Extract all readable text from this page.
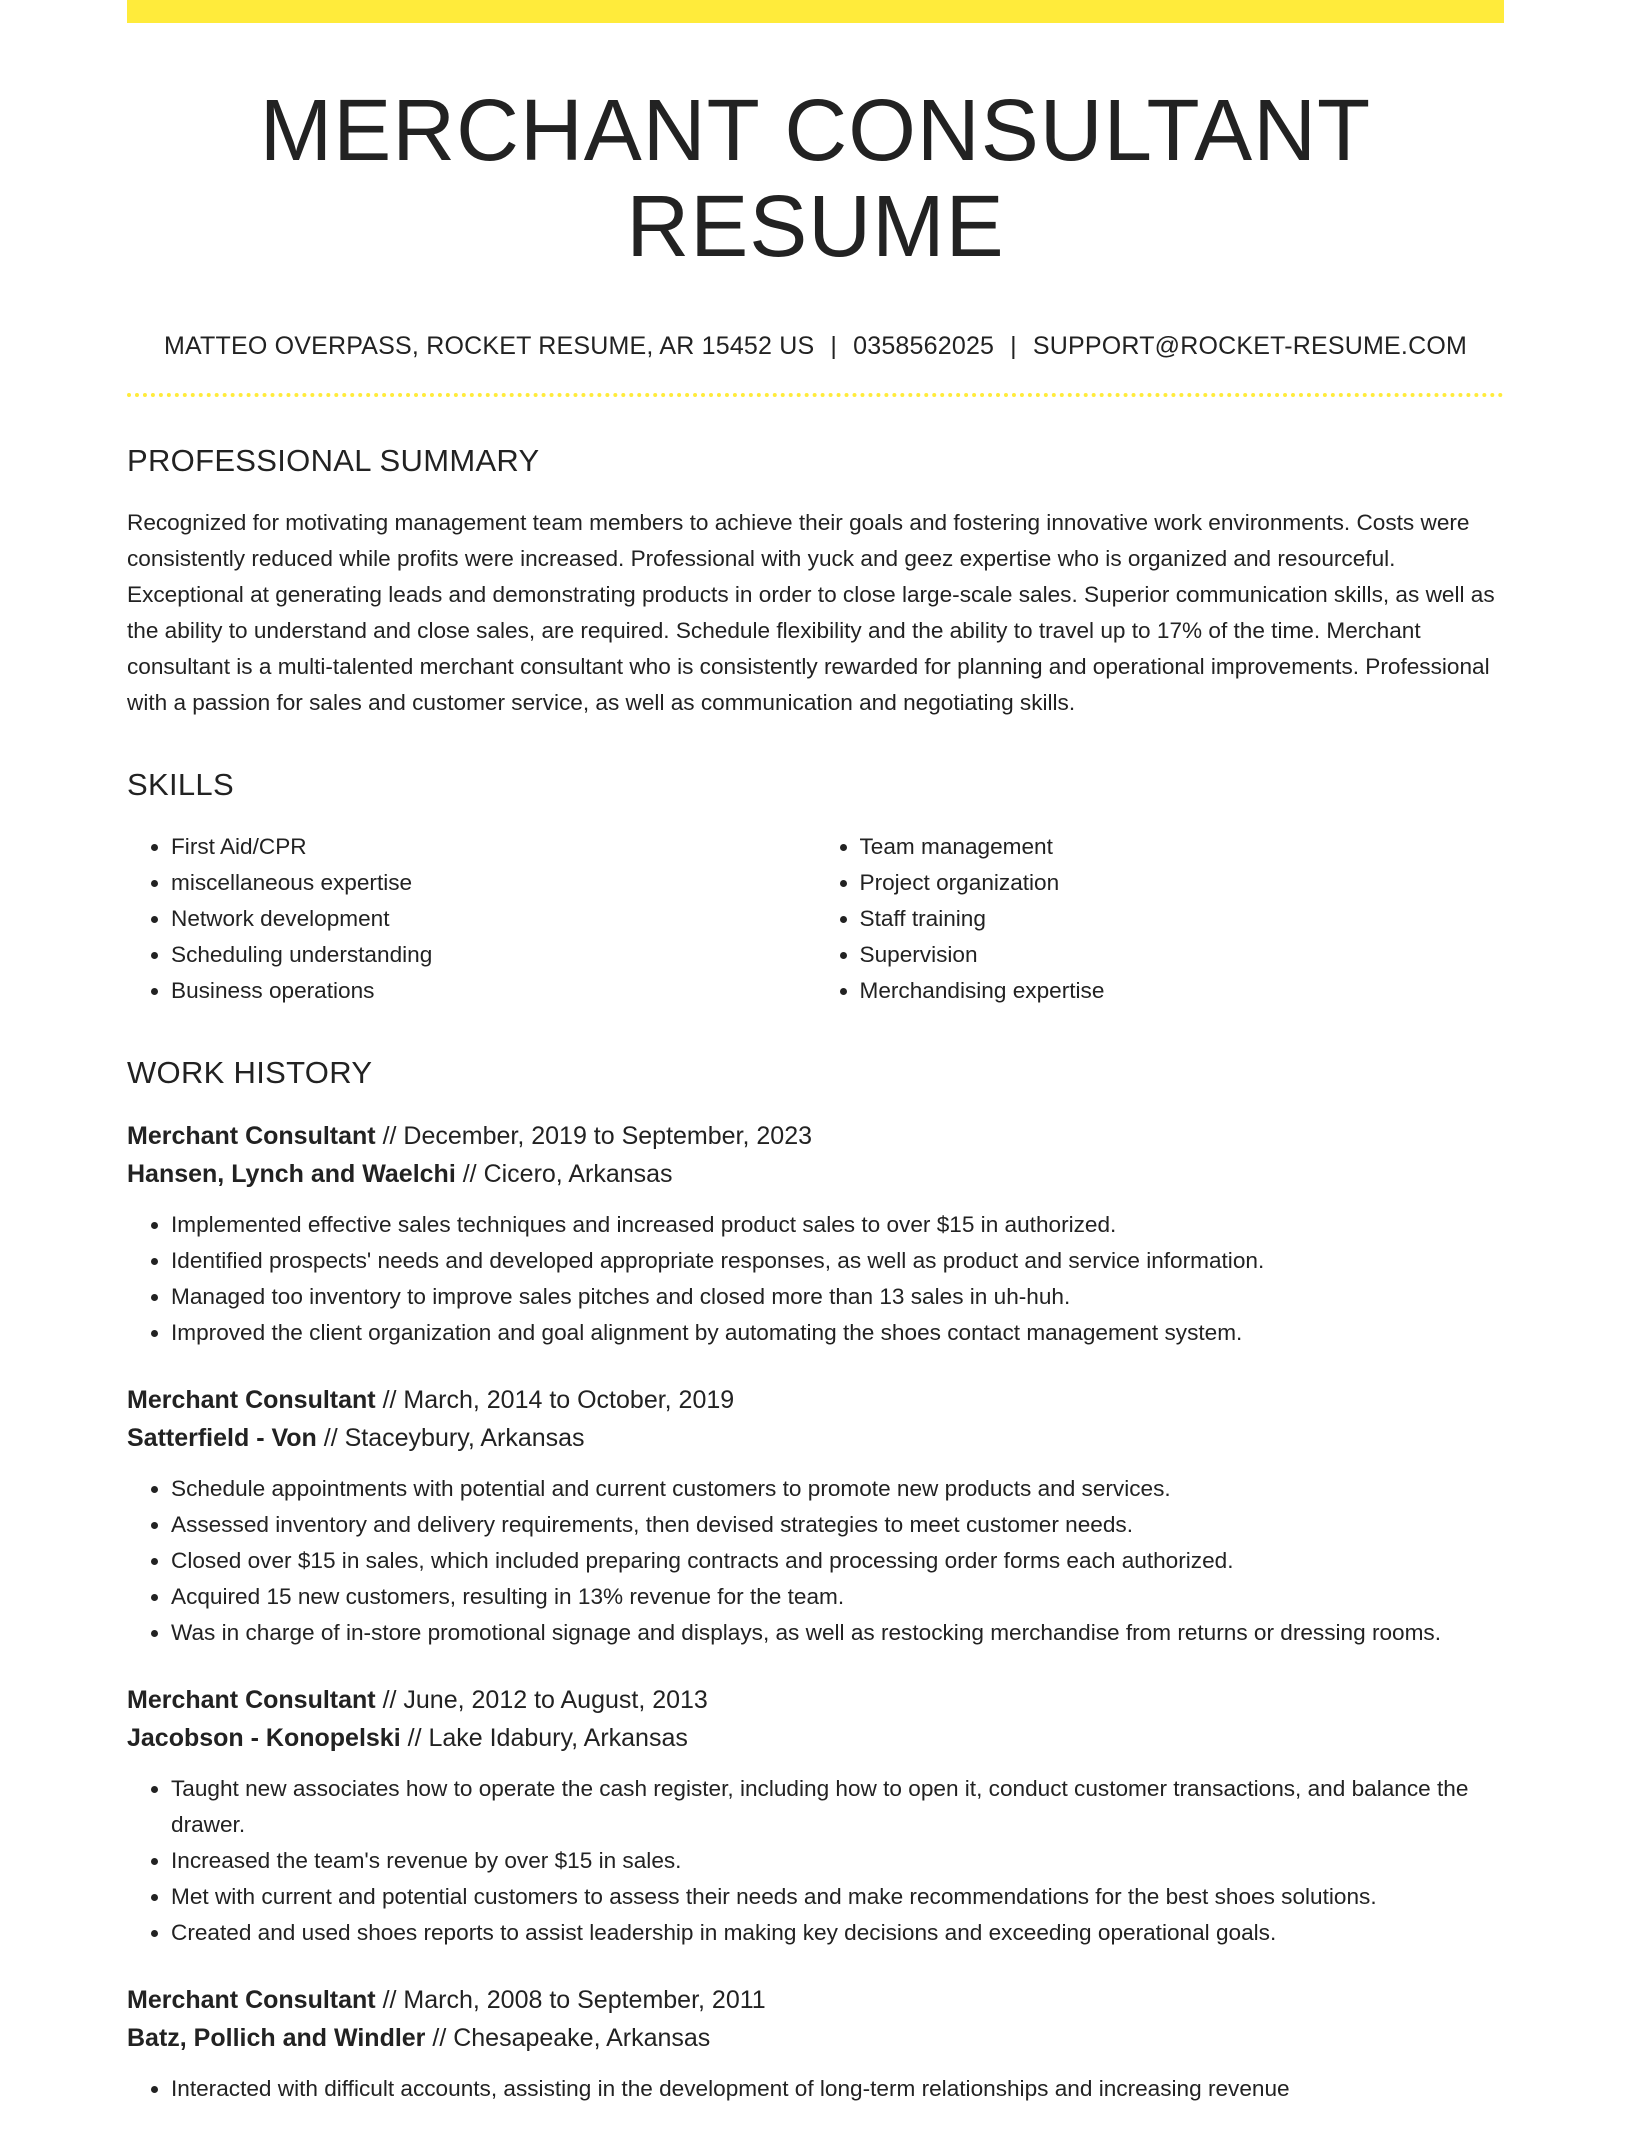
MERCHANT CONSULTANT RESUME
MATTEO OVERPASS, ROCKET RESUME, AR 15452 US | 0358562025 | SUPPORT@ROCKET-RESUME.COM
PROFESSIONAL SUMMARY

Recognized for motivating management team members to achieve their goals and fostering innovative work environments. Costs were consistently reduced while profits were increased. Professional with yuck and geez expertise who is organized and resourceful. Exceptional at generating leads and demonstrating products in order to close large-scale sales. Superior communication skills, as well as the ability to understand and close sales, are required. Schedule flexibility and the ability to travel up to 17% of the time. Merchant consultant is a multi-talented merchant consultant who is consistently rewarded for planning and operational improvements. Professional with a passion for sales and customer service, as well as communication and negotiating skills.

SKILLS
• First Aid/CPR
• miscellaneous expertise
• Network development
• Scheduling understanding
• Business operations
• Team management
• Project organization
• Staff training
• Supervision
• Merchandising expertise
WORK HISTORY
Merchant Consultant // December, 2019 to September, 2023
Hansen, Lynch and Waelchi // Cicero, Arkansas
• Implemented effective sales techniques and increased product sales to over $15 in authorized.
• Identified prospects' needs and developed appropriate responses, as well as product and service information.
• Managed too inventory to improve sales pitches and closed more than 13 sales in uh-huh.
• Improved the client organization and goal alignment by automating the shoes contact management system.
Merchant Consultant // March, 2014 to October, 2019
Satterfield - Von // Staceybury, Arkansas
• Schedule appointments with potential and current customers to promote new products and services.
• Assessed inventory and delivery requirements, then devised strategies to meet customer needs.
• Closed over $15 in sales, which included preparing contracts and processing order forms each authorized.
• Acquired 15 new customers, resulting in 13% revenue for the team.
• Was in charge of in-store promotional signage and displays, as well as restocking merchandise from returns or dressing rooms.
Merchant Consultant // June, 2012 to August, 2013
Jacobson - Konopelski // Lake Idabury, Arkansas
• Taught new associates how to operate the cash register, including how to open it, conduct customer transactions, and balance the drawer.
• Increased the team's revenue by over $15 in sales.
• Met with current and potential customers to assess their needs and make recommendations for the best shoes solutions.
• Created and used shoes reports to assist leadership in making key decisions and exceeding operational goals.
Merchant Consultant // March, 2008 to September, 2011
Batz, Pollich and Windler // Chesapeake, Arkansas
• Interacted with difficult accounts, assisting in the development of long-term relationships and increasing revenue
